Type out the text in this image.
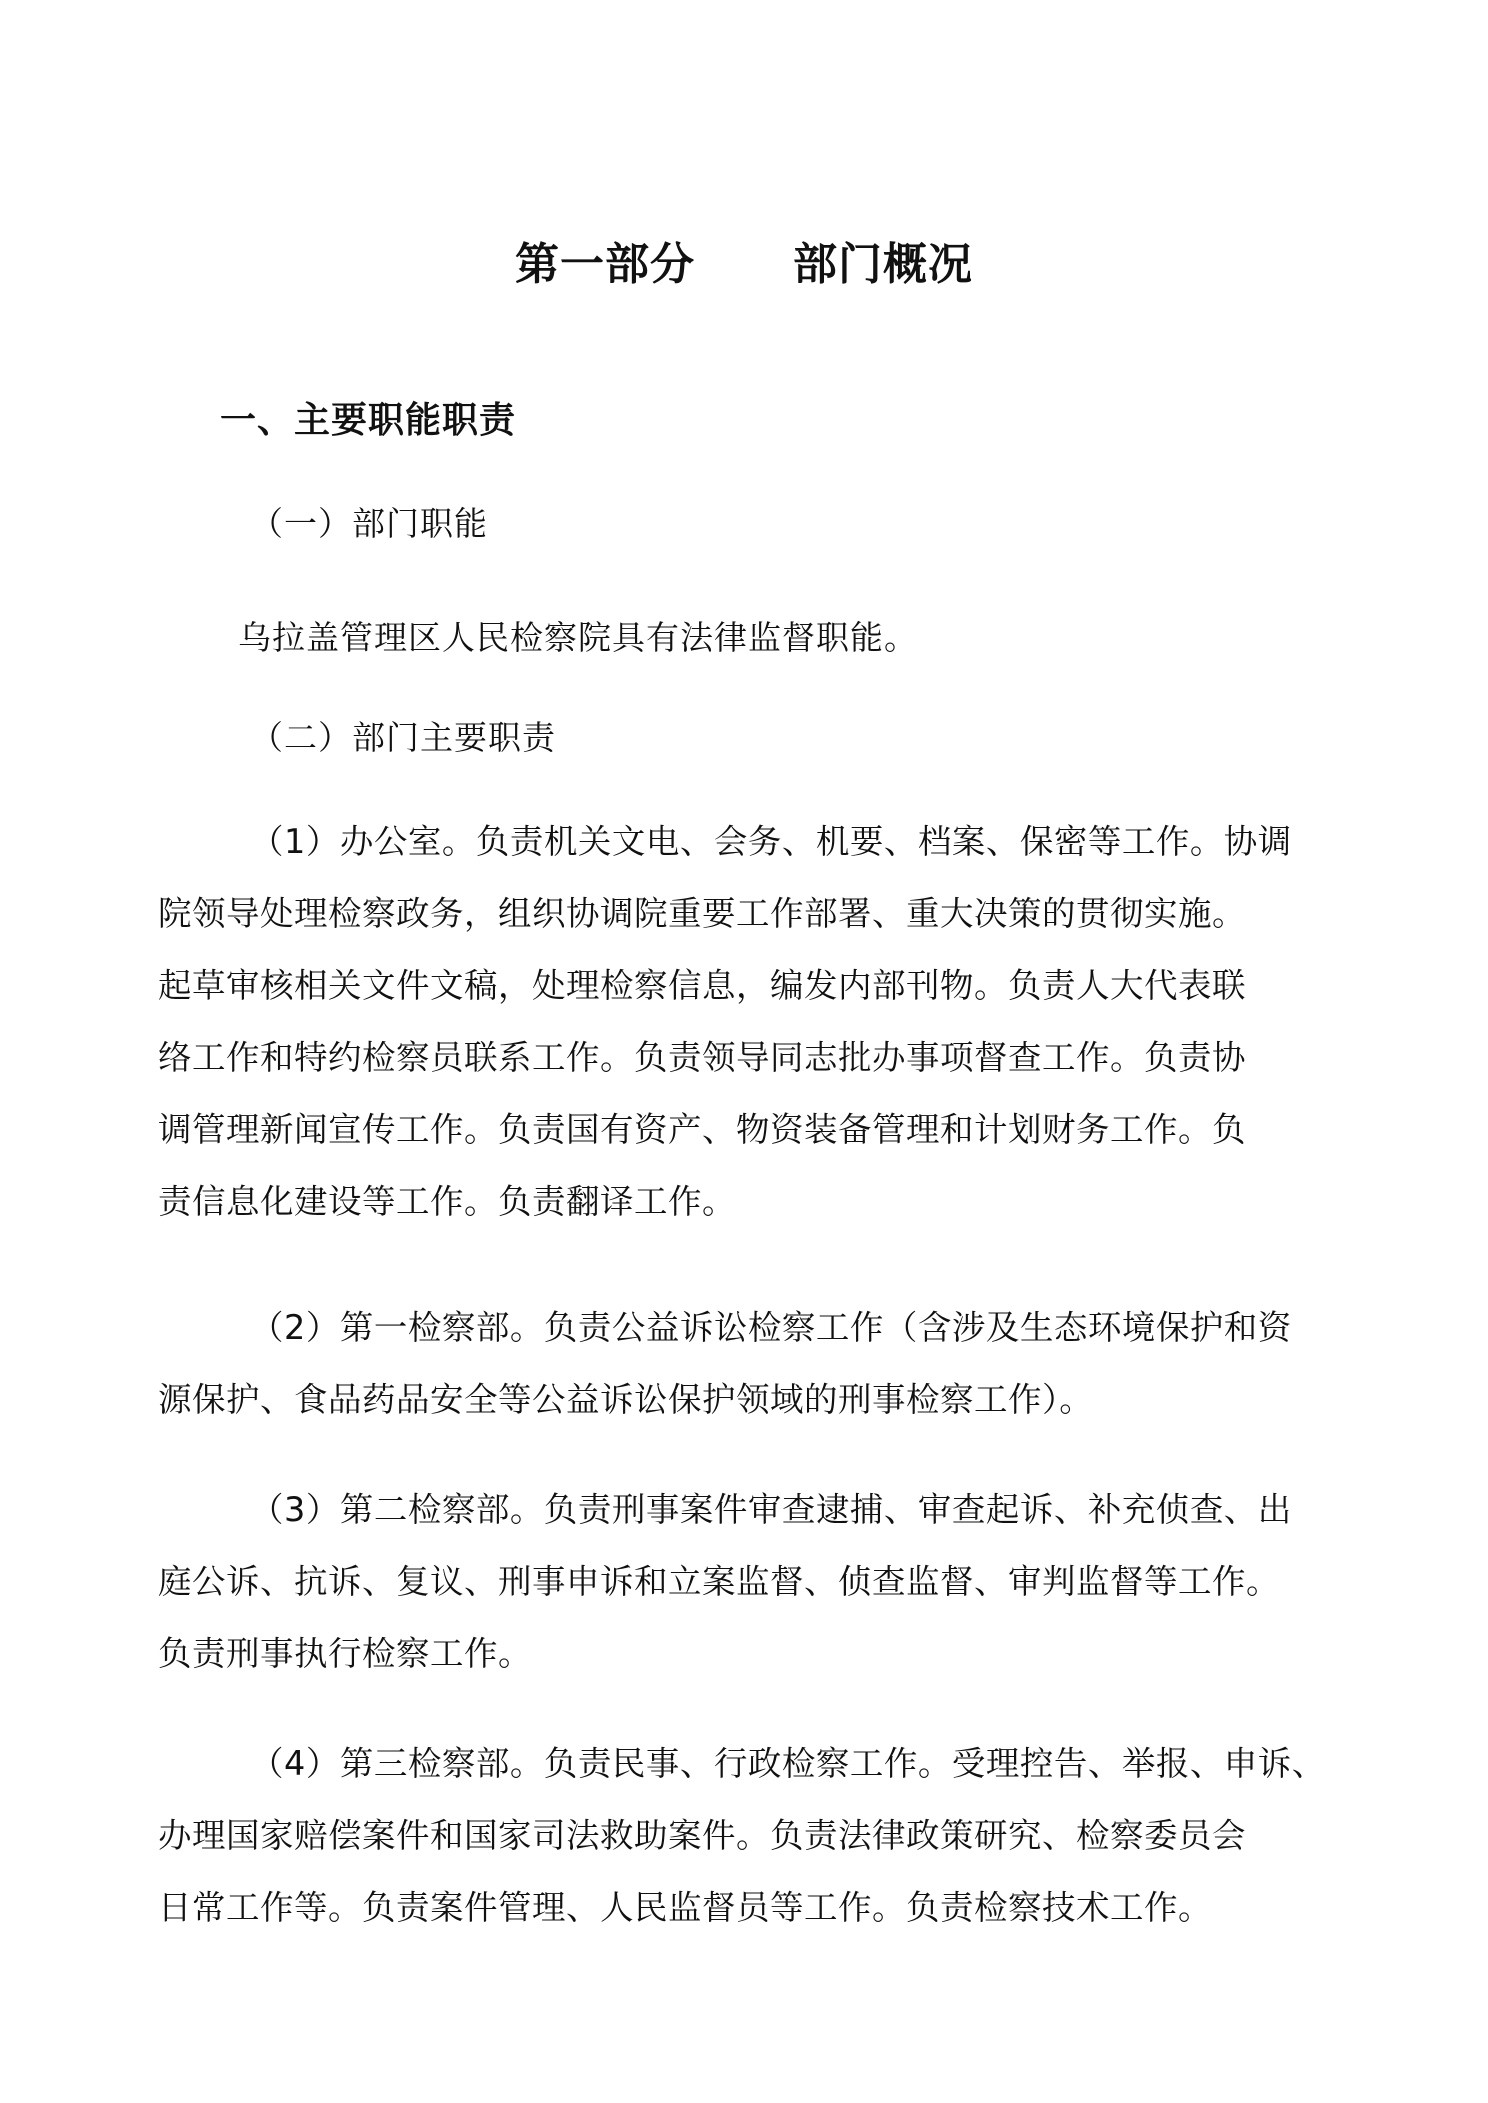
第一部分      部门概况
一、主要职能职责
（一）部门职能
乌拉盖管理区人民检察院具有法律监督职能。
（二）部门主要职责
（1）办公室。负责机关文电、会务、机要、档案、保密等工作。协调
院领导处理检察政务，组织协调院重要工作部署、重大决策的贯彻实施。
起草审核相关文件文稿，处理检察信息，编发内部刊物。负责人大代表联
络工作和特约检察员联系工作。负责领导同志批办事项督查工作。负责协
调管理新闻宣传工作。负责国有资产、物资装备管理和计划财务工作。负
责信息化建设等工作。负责翻译工作。
（2）第一检察部。负责公益诉讼检察工作（含涉及生态环境保护和资
源保护、食品药品安全等公益诉讼保护领域的刑事检察工作）。
（3）第二检察部。负责刑事案件审查逮捕、审查起诉、补充侦查、出
庭公诉、抗诉、复议、刑事申诉和立案监督、侦查监督、审判监督等工作。
负责刑事执行检察工作。
（4）第三检察部。负责民事、行政检察工作。受理控告、举报、申诉、
办理国家赔偿案件和国家司法救助案件。负责法律政策研究、检察委员会
日常工作等。负责案件管理、人民监督员等工作。负责检察技术工作。
